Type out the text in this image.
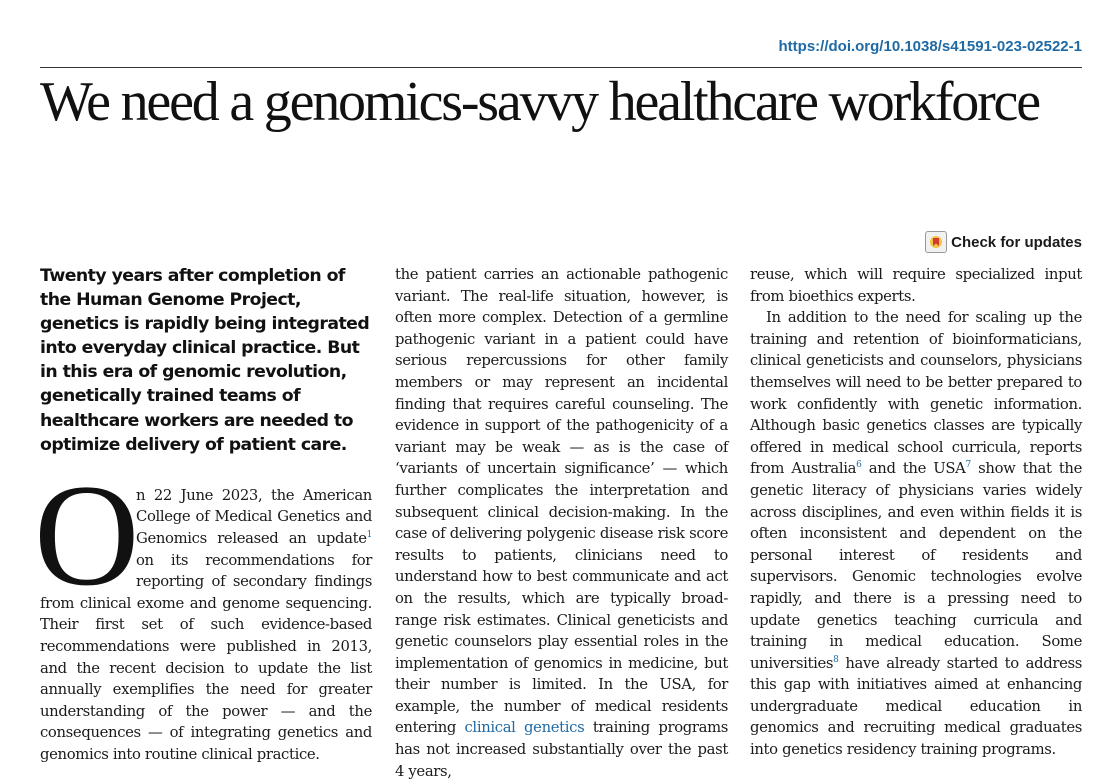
https://doi.org/10.1038/s41591-023-02522-1
We need a genomics-savvy healthcare workforce
Check for updates

Twenty years after completion of the Human Genome Project, genetics is rapidly being integrated into everyday clinical practice. But in this era of genomic revolution, genetically trained teams of healthcare workers are needed to optimize delivery of patient care.

O
n 22 June 2023, the American College of Medical Genetics and Genomics released an update$^1$ on its recommendations for reporting of secondary findings from clinical exome and genome sequencing. Their first set of such evidence-based recommendations were published in 2013, and the recent decision to update the list annually exemplifies the need for greater understanding of the power — and the consequences — of integrating genetics and genomics into routine clinical practice.

the patient carries an actionable pathogenic variant. The real-life situation, however, is often more complex. Detection of a germline pathogenic variant in a patient could have serious repercussions for other family members or may represent an incidental finding that requires careful counseling. The evidence in support of the pathogenicity of a variant may be weak — as is the case of ‘variants of uncertain significance’ — which further complicates the interpretation and subsequent clinical decision-making. In the case of delivering polygenic disease risk score results to patients, clinicians need to understand how to best communicate and act on the results, which are typically broad-range risk estimates. Clinical geneticists and genetic counselors play essential roles in the implementation of genomics in medicine, but their number is limited. In the USA, for example, the number of medical residents entering clinical genetics training programs has not increased substantially over the past 4 years,

reuse, which will require specialized input from bioethics experts.

In addition to the need for scaling up the training and retention of bioinformaticians, clinical geneticists and counselors, physicians themselves will need to be better prepared to work confidently with genetic information. Although basic genetics classes are typically offered in medical school curricula, reports from Australia$^6$ and the USA$^7$ show that the genetic literacy of physicians varies widely across disciplines, and even within fields it is often inconsistent and dependent on the personal interest of residents and supervisors. Genomic technologies evolve rapidly, and there is a pressing need to update genetics teaching curricula and training in medical education. Some universities$^8$ have already started to address this gap with initiatives aimed at enhancing undergraduate medical education in genomics and recruiting medical graduates into genetics residency training programs.
